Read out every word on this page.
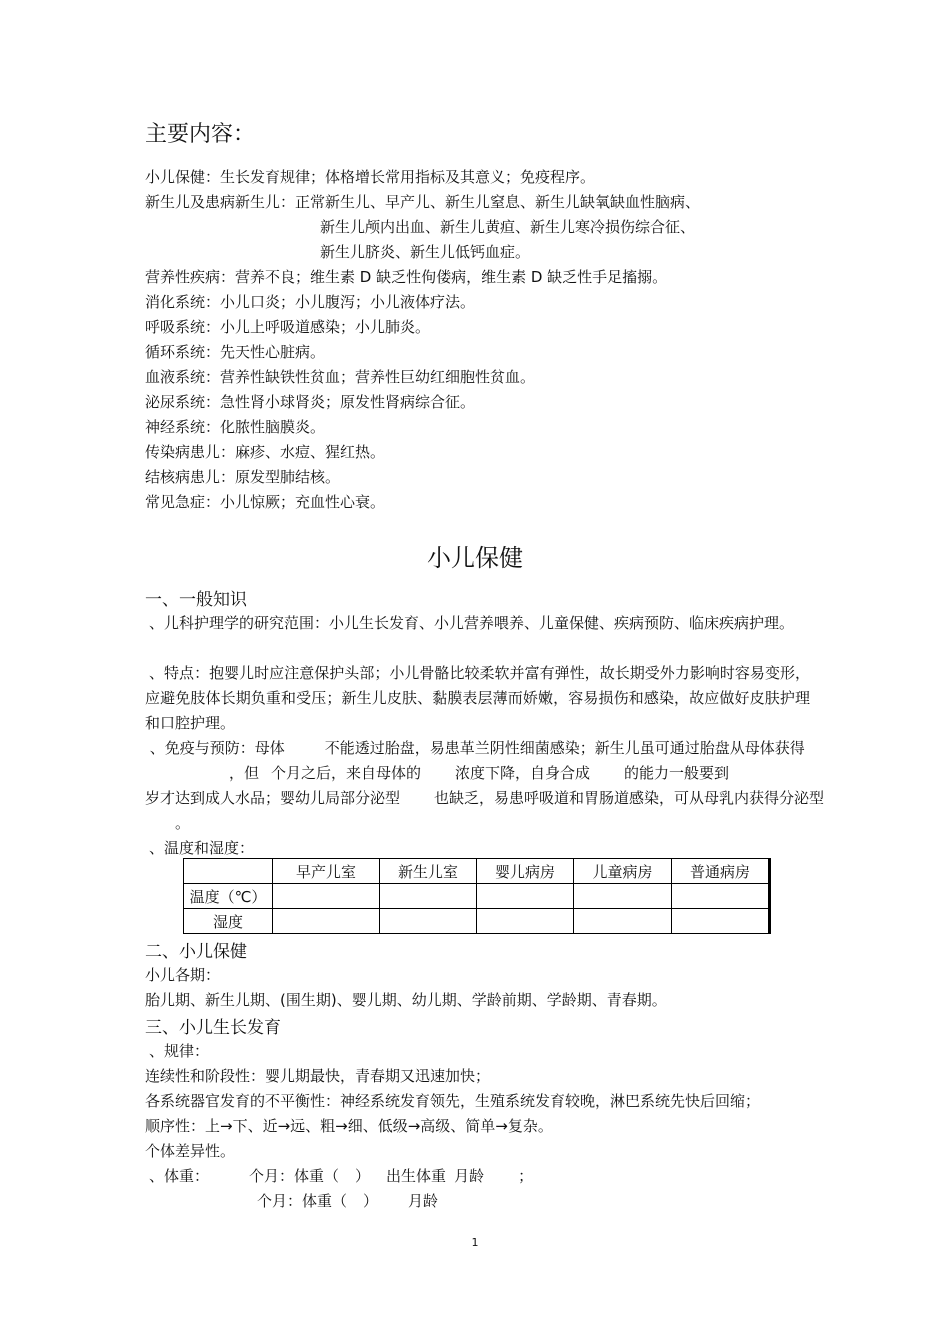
主要内容：
小儿保健：生长发育规律；体格增长常用指标及其意义；免疫程序。
新生儿及患病新生儿：正常新生儿、早产儿、新生儿窒息、新生儿缺氧缺血性脑病、
新生儿颅内出血、新生儿黄疸、新生儿寒冷损伤综合征、
新生儿脐炎、新生儿低钙血症。
营养性疾病：营养不良；维生素 D 缺乏性佝偻病，维生素 D 缺乏性手足搐搦。
消化系统：小儿口炎；小儿腹泻；小儿液体疗法。
呼吸系统：小儿上呼吸道感染；小儿肺炎。
循环系统：先天性心脏病。
血液系统：营养性缺铁性贫血；营养性巨幼红细胞性贫血。
泌尿系统：急性肾小球肾炎；原发性肾病综合征。
神经系统：化脓性脑膜炎。
传染病患儿：麻疹、水痘、猩红热。
结核病患儿：原发型肺结核。
常见急症：小儿惊厥；充血性心衰。
小儿保健
一、一般知识
、儿科护理学的研究范围：小儿生长发育、小儿营养喂养、儿童保健、疾病预防、临床疾病护理。
、特点：抱婴儿时应注意保护头部；小儿骨骼比较柔软并富有弹性，故长期受外力影响时容易变形，应避免肢体长期负重和受压；新生儿皮肤、黏膜表层薄而娇嫩，容易损伤和感染，故应做好皮肤护理和口腔护理。
、免疫与预防：母体	不能透过胎盘，易患革兰阴性细菌感染；新生儿虽可通过胎盘从母体获得
，但 个月之后，来自母体的 浓度下降，自身合成 的能力一般要到
岁才达到成人水品；婴幼儿局部分泌型 也缺乏，易患呼吸道和胃肠道感染，可从母乳内获得分泌型
。
、温度和湿度：
	早产儿室	新生儿室	婴儿病房	儿童病房	普通病房
温度（℃）					
湿度					
二、小儿保健
小儿各期：
胎儿期、新生儿期、(围生期)、婴儿期、幼儿期、学龄前期、学龄期、青春期。
三、小儿生长发育
、规律：
连续性和阶段性：婴儿期最快，青春期又迅速加快；
各系统器官发育的不平衡性：神经系统发育领先，生殖系统发育较晚，淋巴系统先快后回缩；
顺序性：上→下、近→远、粗→细、低级→高级、简单→复杂。
个体差异性。
、体重：	个月：体重（ ） 出生体重 月龄 ；
个月：体重（ ） 月龄
1
